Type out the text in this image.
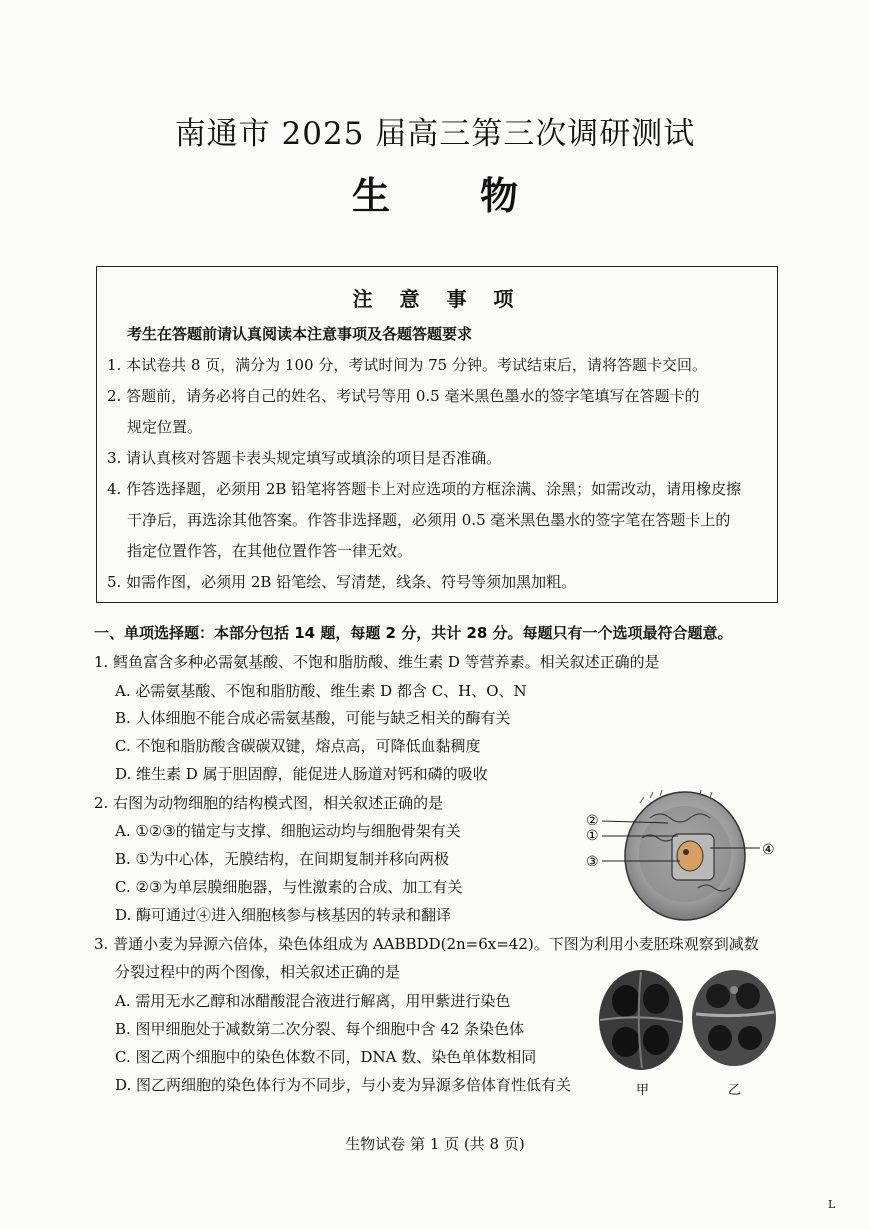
南通市 2025 届高三第三次调研测试
生 物
注 意 事 项
考生在答题前请认真阅读本注意事项及各题答题要求
1. 本试卷共 8 页，满分为 100 分，考试时间为 75 分钟。考试结束后，请将答题卡交回。
2. 答题前，请务必将自己的姓名、考试号等用 0.5 毫米黑色墨水的签字笔填写在答题卡的
规定位置。
3. 请认真核对答题卡表头规定填写或填涂的项目是否准确。
4. 作答选择题，必须用 2B 铅笔将答题卡上对应选项的方框涂满、涂黑；如需改动，请用橡皮擦
干净后，再选涂其他答案。作答非选择题，必须用 0.5 毫米黑色墨水的签字笔在答题卡上的
指定位置作答，在其他位置作答一律无效。
5. 如需作图，必须用 2B 铅笔绘、写清楚，线条、符号等须加黑加粗。
一、单项选择题：本部分包括 14 题，每题 2 分，共计 28 分。每题只有一个选项最符合题意。
1. 鳕鱼富含多种必需氨基酸、不饱和脂肪酸、维生素 D 等营养素。相关叙述正确的是
A. 必需氨基酸、不饱和脂肪酸、维生素 D 都含 C、H、O、N
B. 人体细胞不能合成必需氨基酸，可能与缺乏相关的酶有关
C. 不饱和脂肪酸含碳碳双键，熔点高，可降低血黏稠度
D. 维生素 D 属于胆固醇，能促进人肠道对钙和磷的吸收
2. 右图为动物细胞的结构模式图，相关叙述正确的是
A. ①②③的锚定与支撑、细胞运动均与细胞骨架有关
B. ①为中心体，无膜结构，在间期复制并移向两极
C. ②③为单层膜细胞器，与性激素的合成、加工有关
D. 酶可通过④进入细胞核参与核基因的转录和翻译
①
②
③
④
3. 普通小麦为异源六倍体，染色体组成为 AABBDD(2n=6x=42)。下图为利用小麦胚珠观察到减数
分裂过程中的两个图像，相关叙述正确的是
A. 需用无水乙醇和冰醋酸混合液进行解离，用甲紫进行染色
B. 图甲细胞处于减数第二次分裂、每个细胞中含 42 条染色体
C. 图乙两个细胞中的染色体数不同，DNA 数、染色单体数相同
D. 图乙两细胞的染色体行为不同步，与小麦为异源多倍体育性低有关	甲	乙
生物试卷 第 1 页 (共 8 页)
L
